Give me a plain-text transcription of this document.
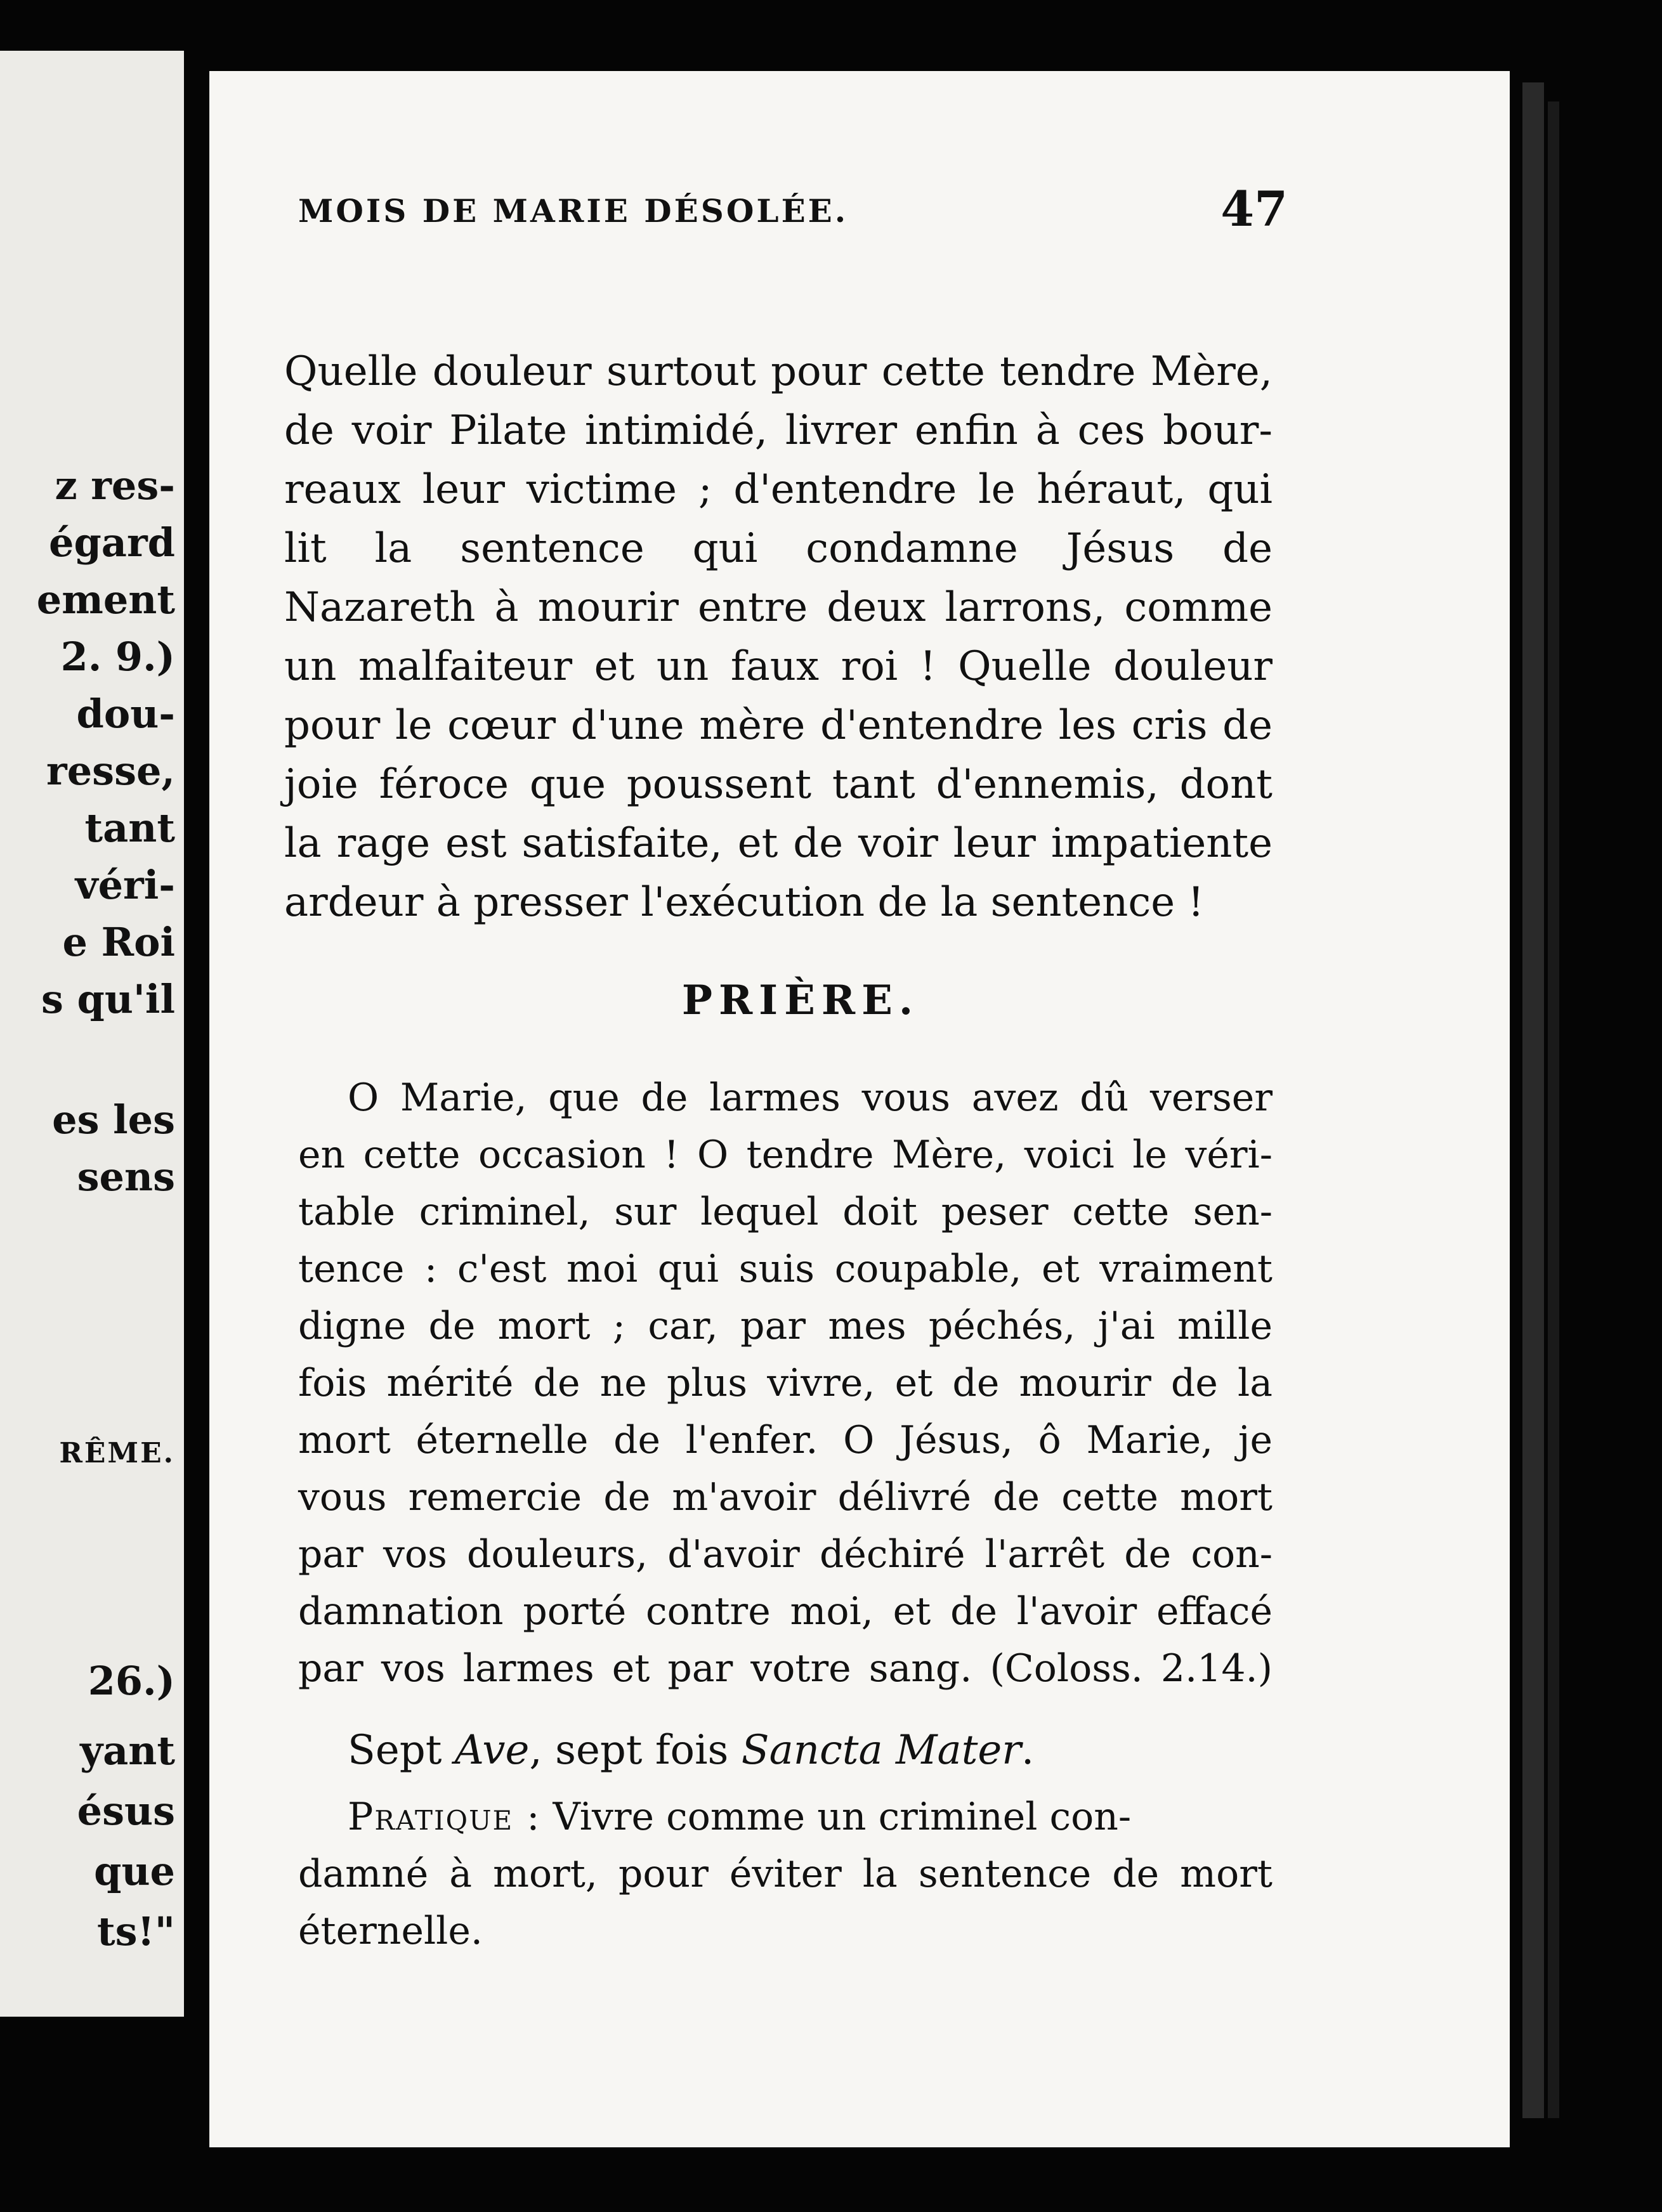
z res-
égard
ement
2. 9.)
dou-
resse,
tant
véri-
e Roi
s qu'il
es les
sens
RÊME.
26.)
yant
ésus
que
ts!"
MOIS DE MARIE DÉSOLÉE.	47
Quelle douleur surtout pour cette tendre Mère,
de voir Pilate intimidé, livrer enfin à ces bour-
reaux leur victime ; d'entendre le héraut, qui
lit la sentence qui condamne Jésus de
Nazareth à mourir entre deux larrons, comme
un malfaiteur et un faux roi ! Quelle douleur
pour le cœur d'une mère d'entendre les cris de
joie féroce que poussent tant d'ennemis, dont
la rage est satisfaite, et de voir leur impatiente
ardeur à presser l'exécution de la sentence !
PRIÈRE.
O Marie, que de larmes vous avez dû verser
en cette occasion ! O tendre Mère, voici le véri-
table criminel, sur lequel doit peser cette sen-
tence : c'est moi qui suis coupable, et vraiment
digne de mort ; car, par mes péchés, j'ai mille
fois mérité de ne plus vivre, et de mourir de la
mort éternelle de l'enfer. O Jésus, ô Marie, je
vous remercie de m'avoir délivré de cette mort
par vos douleurs, d'avoir déchiré l'arrêt de con-
damnation porté contre moi, et de l'avoir effacé
par vos larmes et par votre sang. (Coloss. 2.14.)
Sept Ave, sept fois Sancta Mater.
Pratique : Vivre comme un criminel con-
damné à mort, pour éviter la sentence de mort
éternelle.
